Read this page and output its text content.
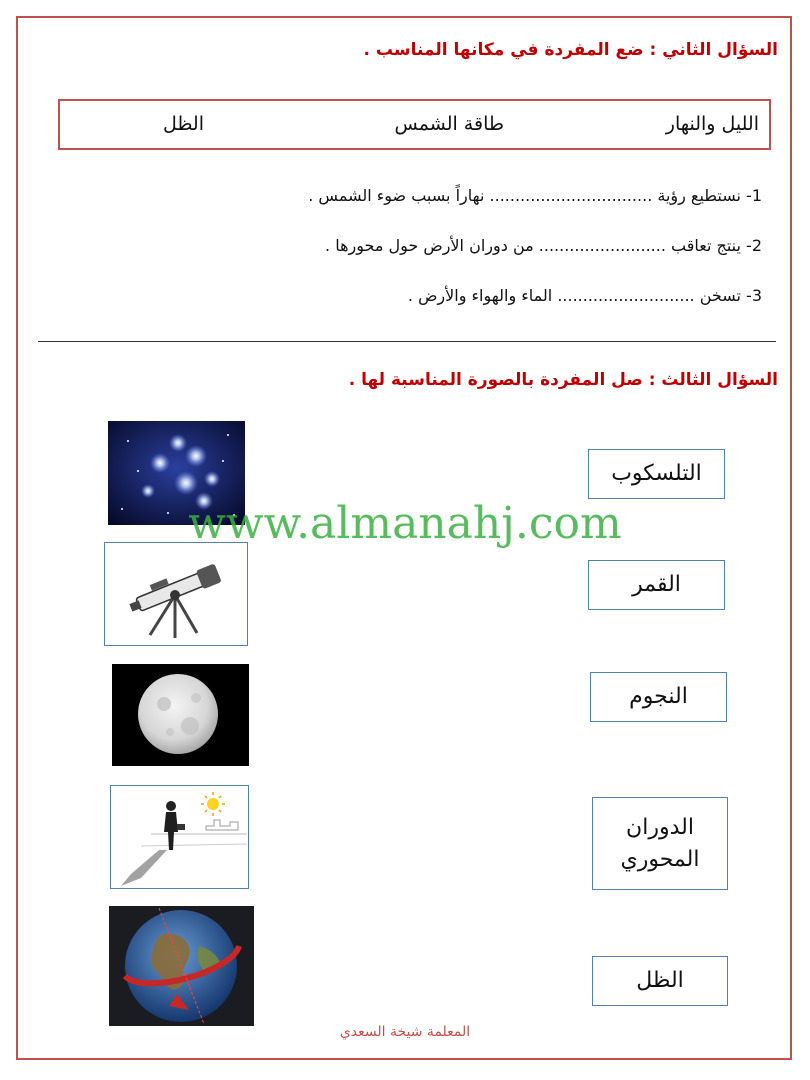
السؤال الثاني : ضع المفردة في مكانها المناسب .
الليل والنهار
طاقة الشمس
الظل
1- نستطيع رؤية ................................ نهاراً بسبب ضوء الشمس .
2- ينتج تعاقب ......................... من دوران الأرض حول محورها .
3- تسخن ........................... الماء والهواء والأرض .
السؤال الثالث : صل المفردة بالصورة المناسبة لها .
التلسكوب
القمر
النجوم
الدوران المحوري
الظل
www.almanahj.com
المعلمة شيخة السعدي
